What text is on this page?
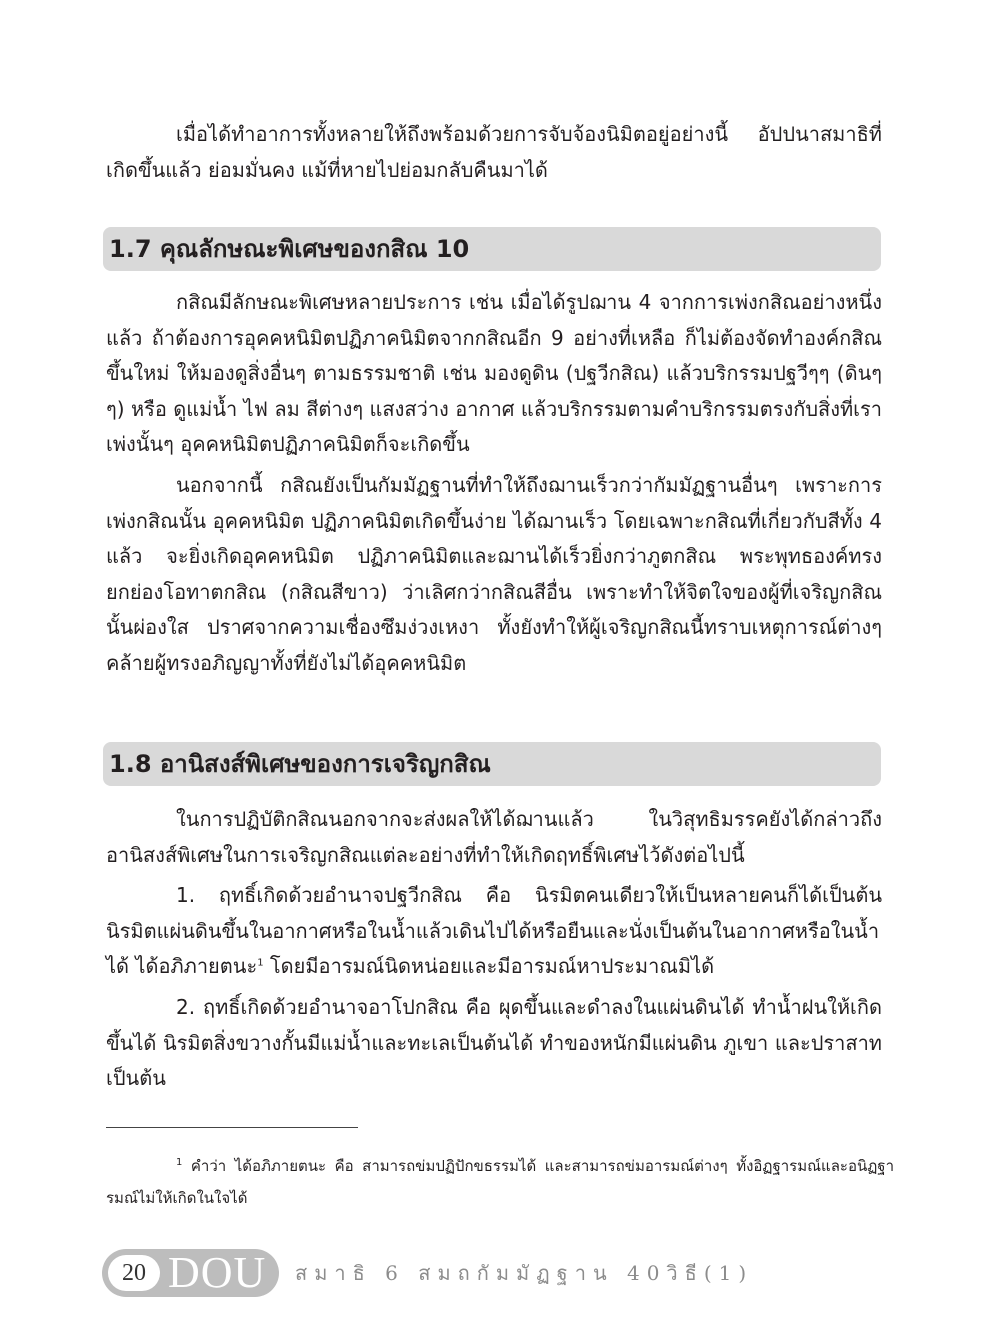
เมื่อได้ทำอาการทั้งหลายให้ถึงพร้อมด้วยการจับจ้องนิมิตอยู่อย่างนี้ อัปปนาสมาธิที่เกิดขึ้นแล้ว ย่อมมั่นคง แม้ที่หายไปย่อมกลับคืนมาได้

1.7 คุณลักษณะพิเศษของกสิณ 10

กสิณมีลักษณะพิเศษหลายประการ เช่น เมื่อได้รูปฌาน 4 จากการเพ่งกสิณอย่างหนึ่งแล้ว ถ้าต้องการอุคคหนิมิตปฏิภาคนิมิตจากกสิณอีก 9 อย่างที่เหลือ ก็ไม่ต้องจัดทำองค์กสิณขึ้นใหม่ ให้มองดูสิ่งอื่นๆ ตามธรรมชาติ เช่น มองดูดิน (ปฐวีกสิณ) แล้วบริกรรมปฐวีๆๆ (ดินๆ ๆ) หรือ ดูแม่น้ำ ไฟ ลม สีต่างๆ แสงสว่าง อากาศ แล้วบริกรรมตามคำบริกรรมตรงกับสิ่งที่เราเพ่งนั้นๆ อุคคหนิมิตปฏิภาคนิมิตก็จะเกิดขึ้น

นอกจากนี้ กสิณยังเป็นกัมมัฏฐานที่ทำให้ถึงฌานเร็วกว่ากัมมัฏฐานอื่นๆ เพราะการเพ่งกสิณนั้น อุคคหนิมิต ปฏิภาคนิมิตเกิดขึ้นง่าย ได้ฌานเร็ว โดยเฉพาะกสิณที่เกี่ยวกับสีทั้ง 4 แล้ว จะยิ่งเกิดอุคคหนิมิต ปฏิภาคนิมิตและฌานได้เร็วยิ่งกว่าภูตกสิณ พระพุทธองค์ทรงยกย่องโอทาตกสิณ (กสิณสีขาว) ว่าเลิศกว่ากสิณสีอื่น เพราะทำให้จิตใจของผู้ที่เจริญกสิณนั้นผ่องใส ปราศจากความเชื่องซึมง่วงเหงา ทั้งยังทำให้ผู้เจริญกสิณนี้ทราบเหตุการณ์ต่างๆ คล้ายผู้ทรงอภิญญาทั้งที่ยังไม่ได้อุคคหนิมิต

1.8 อานิสงส์พิเศษของการเจริญกสิณ

ในการปฏิบัติกสิณนอกจากจะส่งผลให้ได้ฌานแล้ว ในวิสุทธิมรรคยังได้กล่าวถึงอานิสงส์พิเศษในการเจริญกสิณแต่ละอย่างที่ทำให้เกิดฤทธิ์พิเศษไว้ดังต่อไปนี้

1. ฤทธิ์เกิดด้วยอำนาจปฐวีกสิณ คือ นิรมิตคนเดียวให้เป็นหลายคนก็ได้เป็นต้น นิรมิตแผ่นดินขึ้นในอากาศหรือในน้ำแล้วเดินไปได้หรือยืนและนั่งเป็นต้นในอากาศหรือในน้ำได้ ได้อภิภายตนะ$^1$ โดยมีอารมณ์นิดหน่อยและมีอารมณ์หาประมาณมิได้

2. ฤทธิ์เกิดด้วยอำนาจอาโปกสิณ คือ ผุดขึ้นและดำลงในแผ่นดินได้ ทำน้ำฝนให้เกิดขึ้นได้ นิรมิตสิ่งขวางกั้นมีแม่น้ำและทะเลเป็นต้นได้ ทำของหนักมีแผ่นดิน ภูเขา และปราสาท เป็นต้น

$^1$ คำว่า ได้อภิภายตนะ คือ สามารถข่มปฏิปักขธรรมได้ และสามารถข่มอารมณ์ต่างๆ ทั้งอิฏฐารมณ์และอนิฏฐารมณ์ไม่ให้เกิดในใจได้

20 DOU สมาธิ 6 สมถกัมมัฏฐาน 40วิธี(1)
